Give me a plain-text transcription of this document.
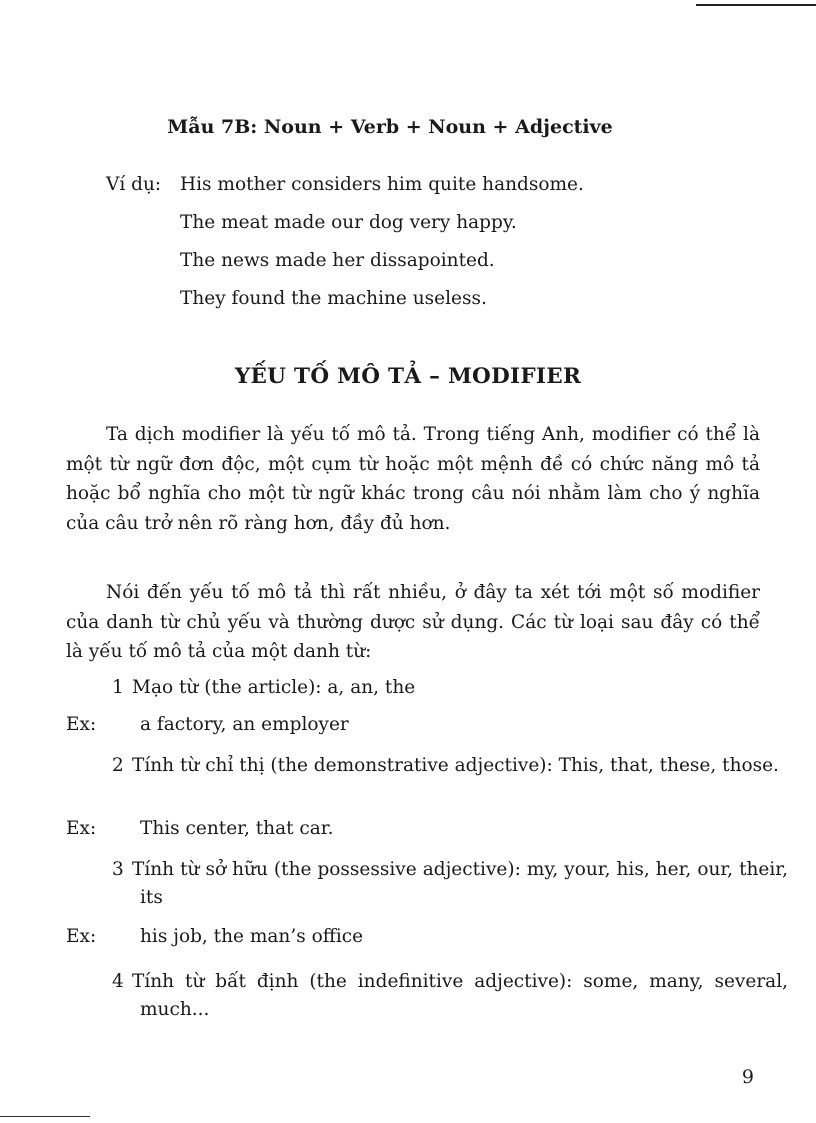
Mẫu 7B: Noun + Verb + Noun + Adjective
Ví dụ: His mother considers him quite handsome.
The meat made our dog very happy.
The news made her dissapointed.
They found the machine useless.
YẾU TỐ MÔ TẢ – MODIFIER

Ta dịch modifier là yếu tố mô tả. Trong tiếng Anh, modifier có thể là một từ ngữ đơn độc, một cụm từ hoặc một mệnh đề có chức năng mô tả hoặc bổ nghĩa cho một từ ngữ khác trong câu nói nhằm làm cho ý nghĩa của câu trở nên rõ ràng hơn, đầy đủ hơn.

Nói đến yếu tố mô tả thì rất nhiều, ở đây ta xét tới một số modifier của danh từ chủ yếu và thường dược sử dụng. Các từ loại sau đây có thể là yếu tố mô tả của một danh từ:

1 Mạo từ (the article): a, an, the

Ex: a factory, an employer

2 Tính từ chỉ thị (the demonstrative adjective): This, that, these, those.

Ex: This center, that car.

3 Tính từ sở hữu (the possessive adjective): my, your, his, her, our, their, its

Ex: his job, the man’s office

4 Tính từ bất định (the indefinitive adjective): some, many, several, much...

9
